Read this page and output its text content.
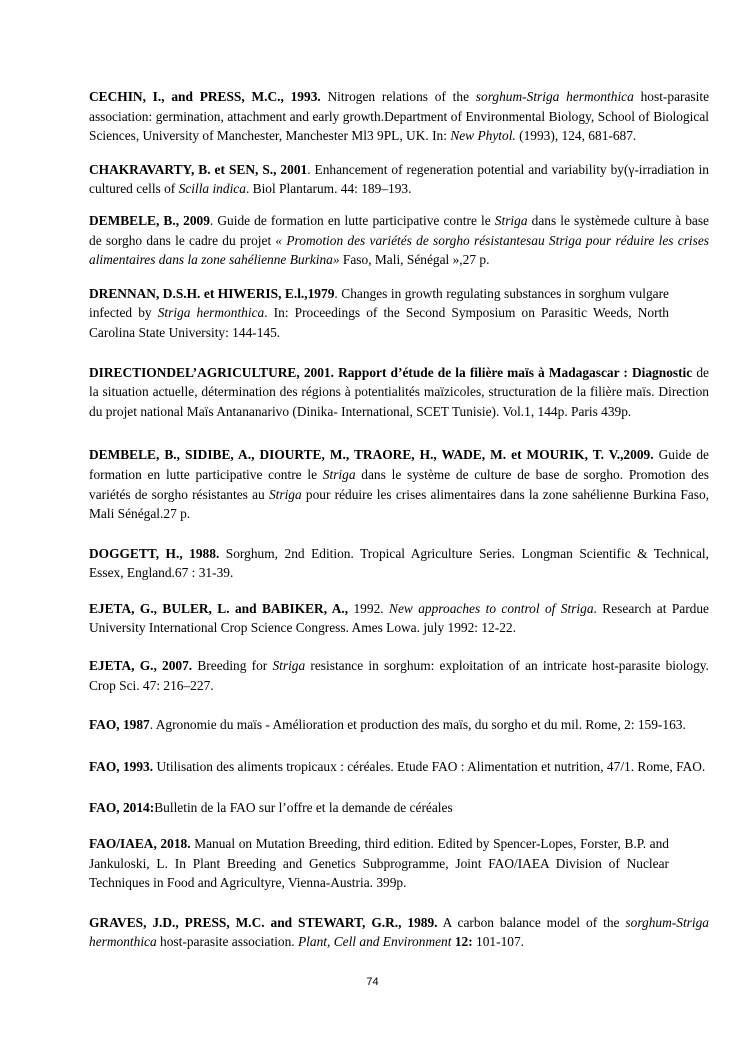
CECHIN, I., and PRESS, M.C., 1993. Nitrogen relations of the sorghum-Striga hermonthica host-parasite association: germination, attachment and early growth.Department of Environmental Biology, School of Biological Sciences, University of Manchester, Manchester Ml3 9PL, UK. In: New Phytol. (1993), 124, 681-687.

CHAKRAVARTY, B. et SEN, S., 2001. Enhancement of regeneration potential and variability by(γ-irradiation in cultured cells of Scilla indica. Biol Plantarum. 44: 189–193.

DEMBELE, B., 2009. Guide de formation en lutte participative contre le Striga dans le systèmede culture à base de sorgho dans le cadre du projet « Promotion des variétés de sorgho résistantesau Striga pour réduire les crises alimentaires dans la zone sahélienne Burkina» Faso, Mali, Sénégal »,27 p.

DRENNAN, D.S.H. et HIWERIS, E.l.,1979. Changes in growth regulating substances in sorghum vulgare infected by Striga hermonthica. In: Proceedings of the Second Symposium on Parasitic Weeds, North Carolina State University: 144-145.

DIRECTIONDEL’AGRICULTURE, 2001. Rapport d’étude de la filière maïs à Madagascar : Diagnostic de la situation actuelle, détermination des régions à potentialités maïzicoles, structuration de la filière maïs. Direction du projet national Maïs Antananarivo (Dinika- International, SCET Tunisie). Vol.1, 144p. Paris 439p.

DEMBELE, B., SIDIBE, A., DIOURTE, M., TRAORE, H., WADE, M. et MOURIK, T. V.,2009. Guide de formation en lutte participative contre le Striga dans le système de culture de base de sorgho. Promotion des variétés de sorgho résistantes au Striga pour réduire les crises alimentaires dans la zone sahélienne Burkina Faso, Mali Sénégal.27 p.

DOGGETT, H., 1988. Sorghum, 2nd Edition. Tropical Agriculture Series. Longman Scientific & Technical, Essex, England.67 : 31-39.

EJETA, G., BULER, L. and BABIKER, A., 1992. New approaches to control of Striga. Research at Pardue University International Crop Science Congress. Ames Lowa. july 1992: 12-22.

EJETA, G., 2007. Breeding for Striga resistance in sorghum: exploitation of an intricate host-parasite biology. Crop Sci. 47: 216–227.

FAO, 1987. Agronomie du maïs - Amélioration et production des maïs, du sorgho et du mil. Rome, 2: 159-163.

FAO, 1993. Utilisation des aliments tropicaux : céréales. Etude FAO : Alimentation et nutrition, 47/1. Rome, FAO.

FAO, 2014:Bulletin de la FAO sur l’offre et la demande de céréales

FAO/IAEA, 2018. Manual on Mutation Breeding, third edition. Edited by Spencer-Lopes, Forster, B.P. and Jankuloski, L. In Plant Breeding and Genetics Subprogramme, Joint FAO/IAEA Division of Nuclear Techniques in Food and Agricultyre, Vienna-Austria. 399p.

GRAVES, J.D., PRESS, M.C. and STEWART, G.R., 1989. A carbon balance model of the sorghum-Striga hermonthica host-parasite association. Plant, Cell and Environment 12: 101-107.

74
